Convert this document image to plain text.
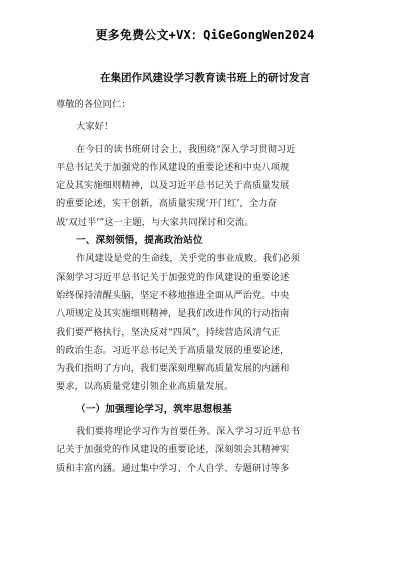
更多免费公文+VX：QiGeGongWen2024
在集团作风建设学习教育读书班上的研讨发言
尊敬的各位同仁：
大家好！
在今日的读书班研讨会上，我围绕“深入学习贯彻习近
平总书记关于加强党的作风建设的重要论述和中央八项规
定及其实施细则精神，以及习近平总书记关于高质量发展
的重要论述，实干创新，高质量实现‘开门红’，全力奋
战‘双过半’”这一主题，与大家共同探讨和交流。
一、深刻领悟，提高政治站位
作风建设是党的生命线，关乎党的事业成败。我们必须
深刻学习习近平总书记关于加强党的作风建设的重要论述
始终保持清醒头脑，坚定不移地推进全面从严治党。中央
八项规定及其实施细则精神，是我们改进作风的行动指南
我们要严格执行，坚决反对“四风”，持续营造风清气正
的政治生态。习近平总书记关于高质量发展的重要论述，
为我们指明了方向，我们要深刻理解高质量发展的内涵和
要求，以高质量党建引领企业高质量发展。
（一）加强理论学习，筑牢思想根基
我们要将理论学习作为首要任务。深入学习习近平总书
记关于加强党的作风建设的重要论述，深刻领会其精神实
质和丰富内涵。通过集中学习、个人自学、专题研讨等多
